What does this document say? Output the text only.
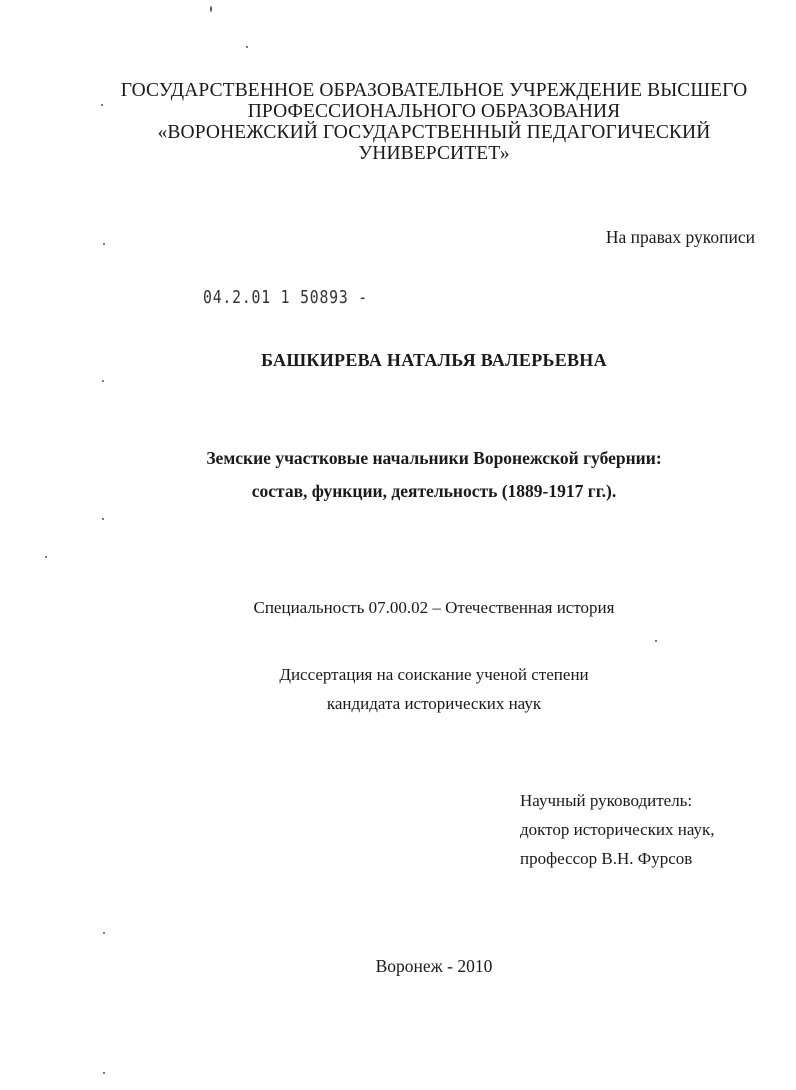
ГОСУДАРСТВЕННОЕ ОБРАЗОВАТЕЛЬНОЕ УЧРЕЖДЕНИЕ ВЫСШЕГО
ПРОФЕССИОНАЛЬНОГО ОБРАЗОВАНИЯ
«ВОРОНЕЖСКИЙ ГОСУДАРСТВЕННЫЙ ПЕДАГОГИЧЕСКИЙ
УНИВЕРСИТЕТ»
На правах рукописи
04.2.01 1 50893 -
БАШКИРЕВА НАТАЛЬЯ ВАЛЕРЬЕВНА
Земские участковые начальники Воронежской губернии:
состав, функции, деятельность (1889-1917 гг.).
Специальность 07.00.02 – Отечественная история
Диссертация на соискание ученой степени
кандидата исторических наук
Научный руководитель:
доктор исторических наук,
профессор В.Н. Фурсов
Воронеж - 2010
